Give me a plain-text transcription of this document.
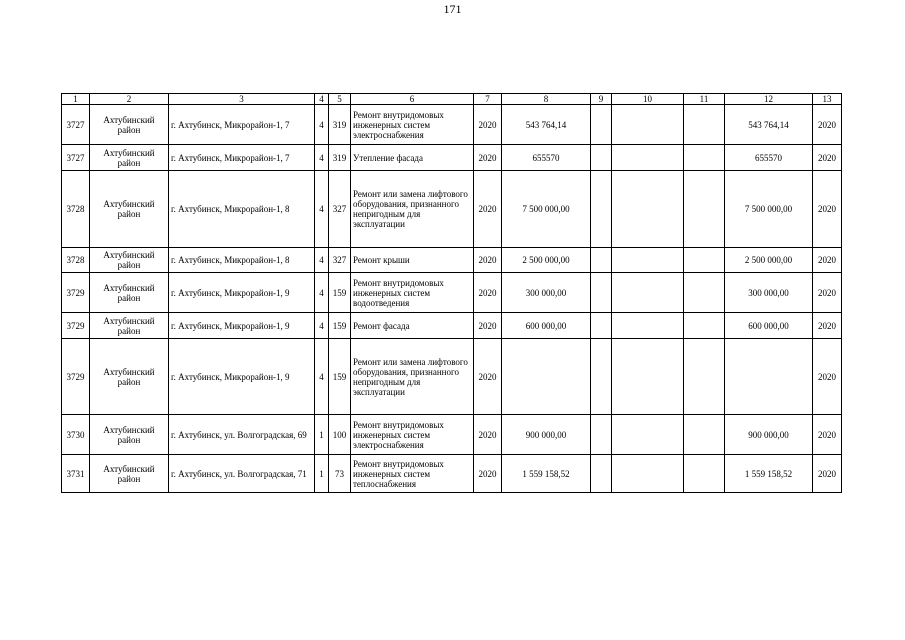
171
1	2	3	4	5	6	7	8	9	10	11	12	13
3727	Ахтубинский район	г. Ахтубинск, Микрорайон-1, 7	4	319	Ремонт внутридомовых инженерных систем электроснабжения	2020	543 764,14				543 764,14	2020
3727	Ахтубинский район	г. Ахтубинск, Микрорайон-1, 7	4	319	Утепление фасада	2020	655570				655570	2020
3728	Ахтубинский район	г. Ахтубинск, Микрорайон-1, 8	4	327	Ремонт или замена лифтового оборудования, признанного непригодным для эксплуатации	2020	7 500 000,00				7 500 000,00	2020
3728	Ахтубинский район	г. Ахтубинск, Микрорайон-1, 8	4	327	Ремонт крыши	2020	2 500 000,00				2 500 000,00	2020
3729	Ахтубинский район	г. Ахтубинск, Микрорайон-1, 9	4	159	Ремонт внутридомовых инженерных систем водоотведения	2020	300 000,00				300 000,00	2020
3729	Ахтубинский район	г. Ахтубинск, Микрорайон-1, 9	4	159	Ремонт фасада	2020	600 000,00				600 000,00	2020
3729	Ахтубинский район	г. Ахтубинск, Микрорайон-1, 9	4	159	Ремонт или замена лифтового оборудования, признанного непригодным для эксплуатации	2020						2020
3730	Ахтубинский район	г. Ахтубинск, ул. Волгоградская, 69	1	100	Ремонт внутридомовых инженерных систем электроснабжения	2020	900 000,00				900 000,00	2020
3731	Ахтубинский район	г. Ахтубинск, ул. Волгоградская, 71	1	73	Ремонт внутридомовых инженерных систем теплоснабжения	2020	1 559 158,52				1 559 158,52	2020
